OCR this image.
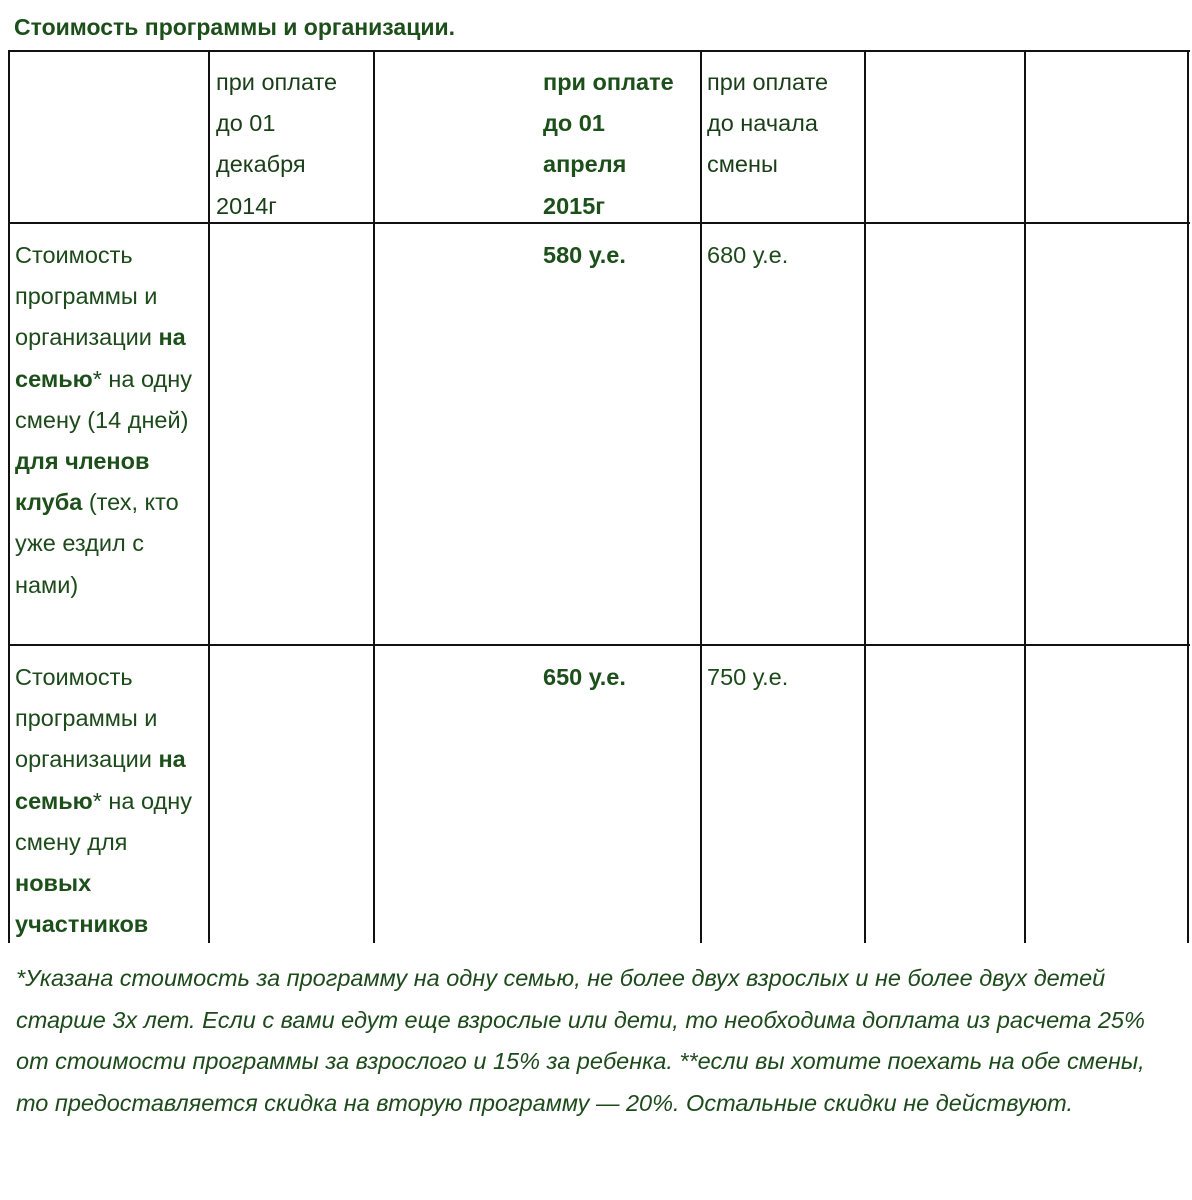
Стоимость программы и организации.
при оплате до 01 декабря 2014г
при оплате до 01 апреля 2015г
при оплате до начала смены
Стоимость программы и организации на семью* на одну смену (14 дней) для членов клуба (тех, кто уже ездил с нами)
580 у.е.	680 у.е.
Стоимость программы и организации на семью* на одну смену для новых участников
650 у.е.	750 у.е.
*Указана стоимость за программу на одну семью, не более двух взрослых и не более двух детей старше 3х лет. Если с вами едут еще взрослые или дети, то необходима доплата из расчета 25% от стоимости программы за взрослого и 15% за ребенка. **если вы хотите поехать на обе смены, то предоставляется скидка на вторую программу — 20%. Остальные скидки не действуют.
